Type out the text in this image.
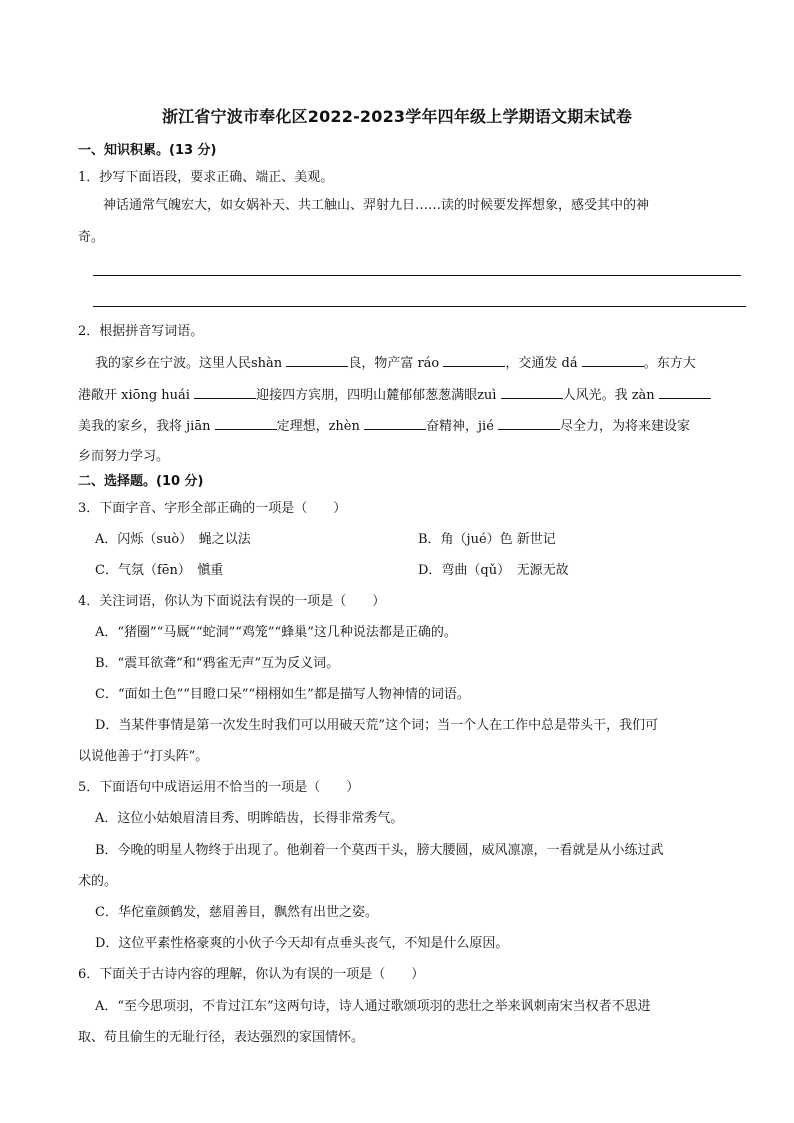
浙江省宁波市奉化区2022-2023学年四年级上学期语文期末试卷
一、知识积累。(13 分)
1．抄写下面语段，要求正确、端正、美观。
神话通常气魄宏大，如女娲补天、共工触山、羿射九日……读的时候要发挥想象，感受其中的神
奇。
2．根据拼音写词语。
我的家乡在宁波。这里人民shàn	良，物产富 ráo	，交通发 dá	。东方大
港敞开 xiōng huái	迎接四方宾朋，四明山麓郁郁葱葱满眼zuì	人风光。我 zàn
美我的家乡，我将 jiān	定理想，zhèn	奋精神，jié	尽全力，为将来建设家
乡而努力学习。
二、选择题。(10 分)
3．下面字音、字形全部正确的一项是（　　）
A．闪烁（suò）　蝇之以法	B．角（jué）色 新世记
C．气氛（fēn）　愼重	D．弯曲（qǔ）　无源无故
4．关注词语，你认为下面说法有误的一项是（　　）
A．“猪圈”“马厩”“蛇洞”“鸡笼”“蜂巢”这几种说法都是正确的。
B．“震耳欲聋”和“鸦雀无声”互为反义词。
C．“面如土色”“目瞪口呆”“栩栩如生”都是描写人物神情的词语。
D．当某件事情是第一次发生时我们可以用破天荒”这个词；当一个人在工作中总是带头干，我们可
以说他善于“打头阵”。
5．下面语句中成语运用不恰当的一项是（　　）
A．这位小姑娘眉清目秀、明眸皓齿，长得非常秀气。
B．今晚的明星人物终于出现了。他剃着一个莫西干头，膀大腰圆，威风凛凛，一看就是从小练过武
术的。
C．华佗童颜鹤发，慈眉善目，飘然有出世之姿。
D．这位平素性格豪爽的小伙子今天却有点垂头丧气，不知是什么原因。
6．下面关于古诗内容的理解，你认为有误的一项是（　　）
A．“至今思项羽，不肯过江东”这两句诗，诗人通过歌颂项羽的悲壮之举来讽刺南宋当权者不思进
取、苟且偷生的无耻行径，表达强烈的家国情怀。
